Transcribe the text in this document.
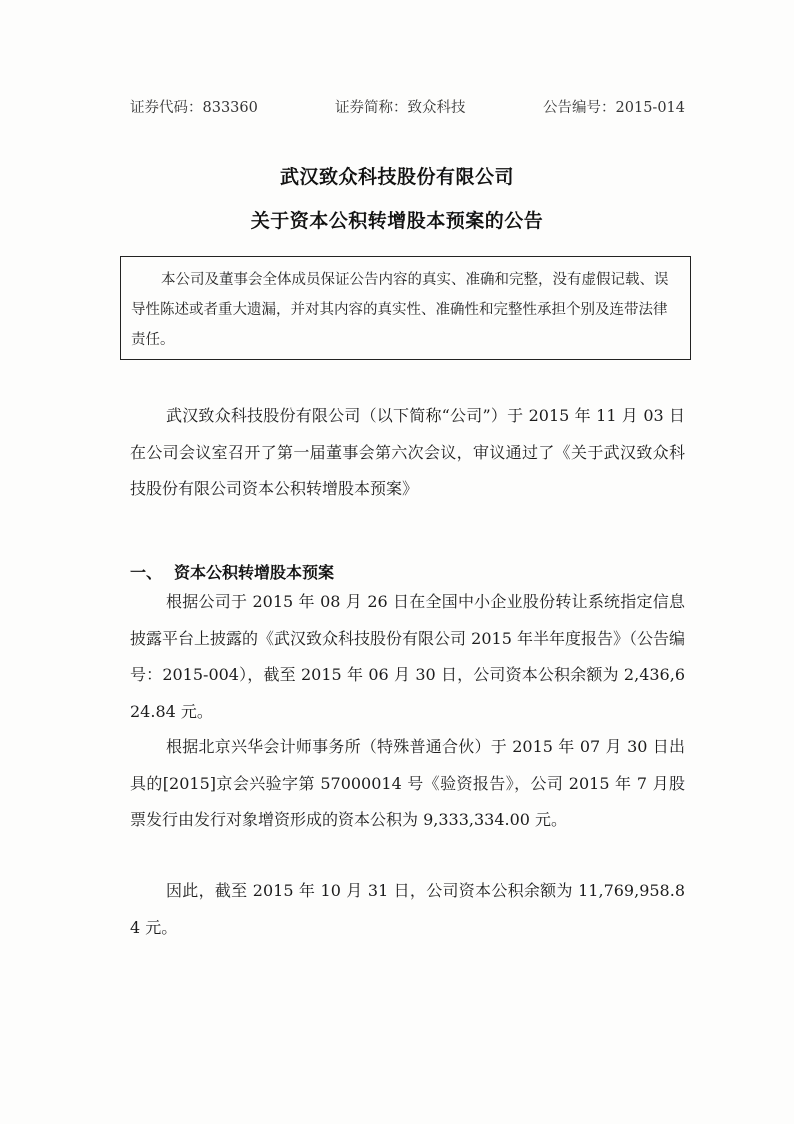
证券代码：833360	证券简称：致众科技	公告编号：2015-014
武汉致众科技股份有限公司
关于资本公积转增股本预案的公告

本公司及董事会全体成员保证公告内容的真实、准确和完整，没有虚假记载、误导性陈述或者重大遗漏，并对其内容的真实性、准确性和完整性承担个别及连带法律责任。

武汉致众科技股份有限公司（以下简称“公司”）于 2015 年 11 月 03 日在公司会议室召开了第一届董事会第六次会议，审议通过了《关于武汉致众科技股份有限公司资本公积转增股本预案》

一、 资本公积转增股本预案

根据公司于 2015 年 08 月 26 日在全国中小企业股份转让系统指定信息披露平台上披露的《武汉致众科技股份有限公司 2015 年半年度报告》（公告编号：2015-004），截至 2015 年 06 月 30 日，公司资本公积余额为 2,436,624.84 元。

根据北京兴华会计师事务所（特殊普通合伙）于 2015 年 07 月 30 日出具的[2015]京会兴验字第 57000014 号《验资报告》，公司 2015 年 7 月股票发行由发行对象增资形成的资本公积为 9,333,334.00 元。

因此，截至 2015 年 10 月 31 日，公司资本公积余额为 11,769,958.84 元。
